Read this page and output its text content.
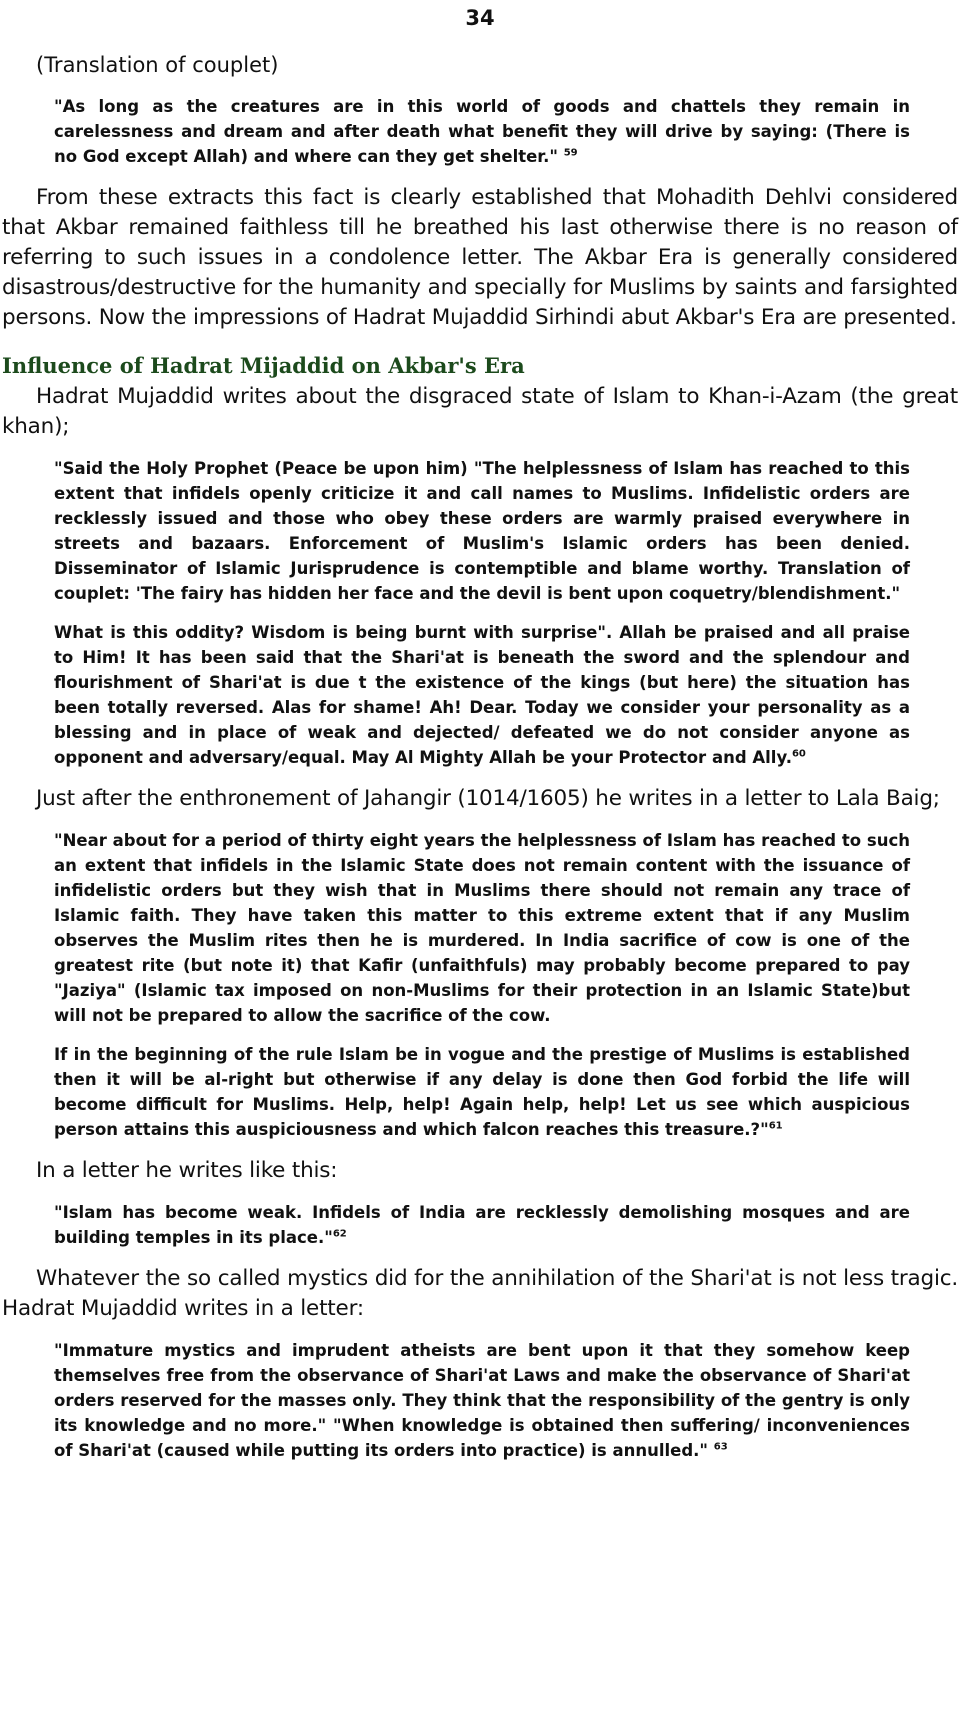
34
(Translation of couplet)
"As long as the creatures are in this world of goods and chattels they remain in carelessness and dream and after death what benefit they will drive by saying: (There is no God except Allah) and where can they get shelter." $^{59}$
From these extracts this fact is clearly established that Mohadith Dehlvi considered that Akbar remained faithless till he breathed his last otherwise there is no reason of referring to such issues in a condolence letter. The Akbar Era is generally considered disastrous/destructive for the humanity and specially for Muslims by saints and farsighted persons. Now the impressions of Hadrat Mujaddid Sirhindi abut Akbar's Era are presented.
Influence of Hadrat Mijaddid on Akbar's Era
Hadrat Mujaddid writes about the disgraced state of Islam to Khan-i-Azam (the great khan);
"Said the Holy Prophet (Peace be upon him) "The helplessness of Islam has reached to this extent that infidels openly criticize it and call names to Muslims. Infidelistic orders are recklessly issued and those who obey these orders are warmly praised everywhere in streets and bazaars. Enforcement of Muslim's Islamic orders has been denied. Disseminator of Islamic Jurisprudence is contemptible and blame worthy. Translation of couplet: 'The fairy has hidden her face and the devil is bent upon coquetry/blendishment."
What is this oddity? Wisdom is being burnt with surprise". Allah be praised and all praise to Him! It has been said that the Shari'at is beneath the sword and the splendour and flourishment of Shari'at is due t the existence of the kings (but here) the situation has been totally reversed. Alas for shame! Ah! Dear. Today we consider your personality as a blessing and in place of weak and dejected/ defeated we do not consider anyone as opponent and adversary/equal. May Al Mighty Allah be your Protector and Ally.$^{60}$
Just after the enthronement of Jahangir (1014/1605) he writes in a letter to Lala Baig;
"Near about for a period of thirty eight years the helplessness of Islam has reached to such an extent that infidels in the Islamic State does not remain content with the issuance of infidelistic orders but they wish that in Muslims there should not remain any trace of Islamic faith. They have taken this matter to this extreme extent that if any Muslim observes the Muslim rites then he is murdered. In India sacrifice of cow is one of the greatest rite (but note it) that Kafir (unfaithfuls) may probably become prepared to pay "Jaziya" (Islamic tax imposed on non-Muslims for their protection in an Islamic State)but will not be prepared to allow the sacrifice of the cow.
If in the beginning of the rule Islam be in vogue and the prestige of Muslims is established then it will be al-right but otherwise if any delay is done then God forbid the life will become difficult for Muslims. Help, help! Again help, help! Let us see which auspicious person attains this auspiciousness and which falcon reaches this treasure.?"$^{61}$
In a letter he writes like this:
"Islam has become weak. Infidels of India are recklessly demolishing mosques and are building temples in its place."$^{62}$
Whatever the so called mystics did for the annihilation of the Shari'at is not less tragic. Hadrat Mujaddid writes in a letter:
"Immature mystics and imprudent atheists are bent upon it that they somehow keep themselves free from the observance of Shari'at Laws and make the observance of Shari'at orders reserved for the masses only. They think that the responsibility of the gentry is only its knowledge and no more." "When knowledge is obtained then suffering/ inconveniences of Shari'at (caused while putting its orders into practice) is annulled." $^{63}$
